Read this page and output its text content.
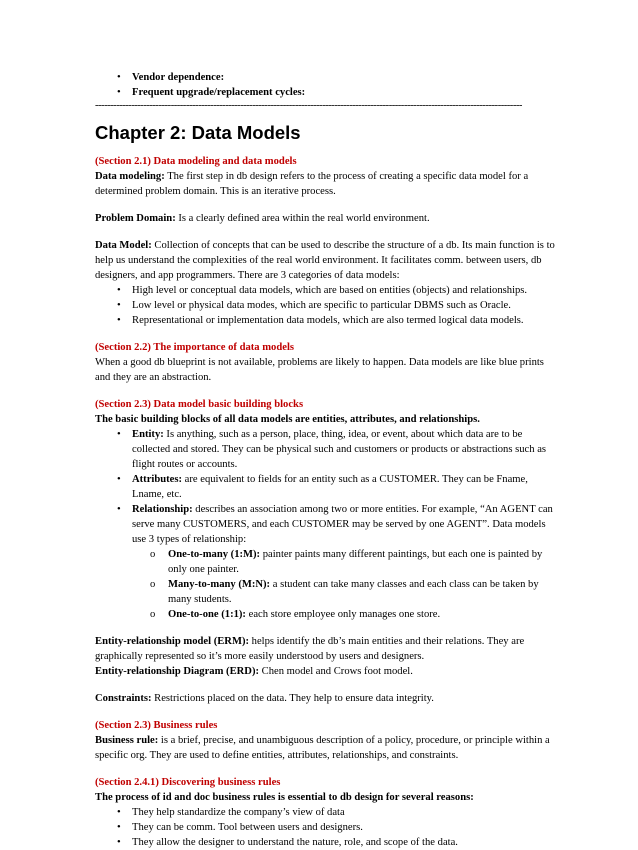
• Vendor dependence:
• Frequent upgrade/replacement cycles:
---------------------------------------------------------------------------------------------------------------------------------------------
Chapter 2: Data Models

(Section 2.1) Data modeling and data models

Data modeling: The first step in db design refers to the process of creating a specific data model for a determined problem domain. This is an iterative process.

Problem Domain: Is a clearly defined area within the real world environment.

Data Model: Collection of concepts that can be used to describe the structure of a db. Its main function is to help us understand the complexities of the real world environment. It facilitates comm. between users, db designers, and app programmers. There are 3 categories of data models:

• High level or conceptual data models, which are based on entities (objects) and relationships.
• Low level or physical data modes, which are specific to particular DBMS such as Oracle.
• Representational or implementation data models, which are also termed logical data models.

(Section 2.2) The importance of data models

When a good db blueprint is not available, problems are likely to happen. Data models are like blue prints and they are an abstraction.

(Section 2.3) Data model basic building blocks

The basic building blocks of all data models are entities, attributes, and relationships.

• Entity: Is anything, such as a person, place, thing, idea, or event, about which data are to be collected and stored. They can be physical such and customers or products or abstractions such as flight routes or accounts.
• Attributes: are equivalent to fields for an entity such as a CUSTOMER. They can be Fname, Lname, etc.
• Relationship: describes an association among two or more entities. For example, “An AGENT can serve many CUSTOMERS, and each CUSTOMER may be served by one AGENT”. Data models use 3 types of relationship:
o One-to-many (1:M): painter paints many different paintings, but each one is painted by only one painter.
o Many-to-many (M:N): a student can take many classes and each class can be taken by many students.
o One-to-one (1:1): each store employee only manages one store.

Entity-relationship model (ERM): helps identify the db’s main entities and their relations. They are graphically represented so it’s more easily understood by users and designers.

Entity-relationship Diagram (ERD): Chen model and Crows foot model.

Constraints: Restrictions placed on the data. They help to ensure data integrity.

(Section 2.3) Business rules

Business rule: is a brief, precise, and unambiguous description of a policy, procedure, or principle within a specific org. They are used to define entities, attributes, relationships, and constraints.

(Section 2.4.1) Discovering business rules

The process of id and doc business rules is essential to db design for several reasons:

• They help standardize the company’s view of data
• They can be comm. Tool between users and designers.
• They allow the designer to understand the nature, role, and scope of the data.
